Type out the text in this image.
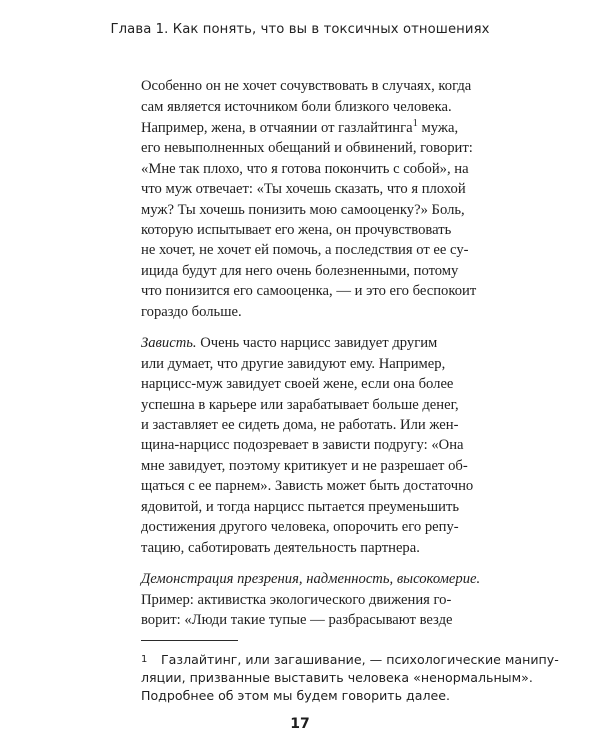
Глава 1. Как понять, что вы в токсичных отношениях
Особенно он не хочет сочувствовать в случаях, когда
сам является источником боли близкого человека.
Например, жена, в отчаянии от газлайтинга$^1$ мужа,
его невыполненных обещаний и обвинений, говорит:
«Мне так плохо, что я готова покончить с собой», на
что муж отвечает: «Ты хочешь сказать, что я плохой
муж? Ты хочешь понизить мою самооценку?» Боль,
которую испытывает его жена, он прочувствовать
не хочет, не хочет ей помочь, а последствия от ее су-
ицида будут для него очень болезненными, потому
что понизится его самооценка, — и это его беспокоит
гораздо больше.
Зависть. Очень часто нарцисс завидует другим
или думает, что другие завидуют ему. Например,
нарцисс-муж завидует своей жене, если она более
успешна в карьере или зарабатывает больше денег,
и заставляет ее сидеть дома, не работать. Или жен-
щина-нарцисс подозревает в зависти подругу: «Она
мне завидует, поэтому критикует и не разрешает об-
щаться с ее парнем». Зависть может быть достаточно
ядовитой, и тогда нарцисс пытается преуменьшить
достижения другого человека, опорочить его репу-
тацию, саботировать деятельность партнера.
Демонстрация презрения, надменность, высокомерие.
Пример: активистка экологического движения го-
ворит: «Люди такие тупые — разбрасывают везде
1 Газлайтинг, или загашивание, — психологические манипу-
ляции, призванные выставить человека «ненормальным».
Подробнее об этом мы будем говорить далее.
17
